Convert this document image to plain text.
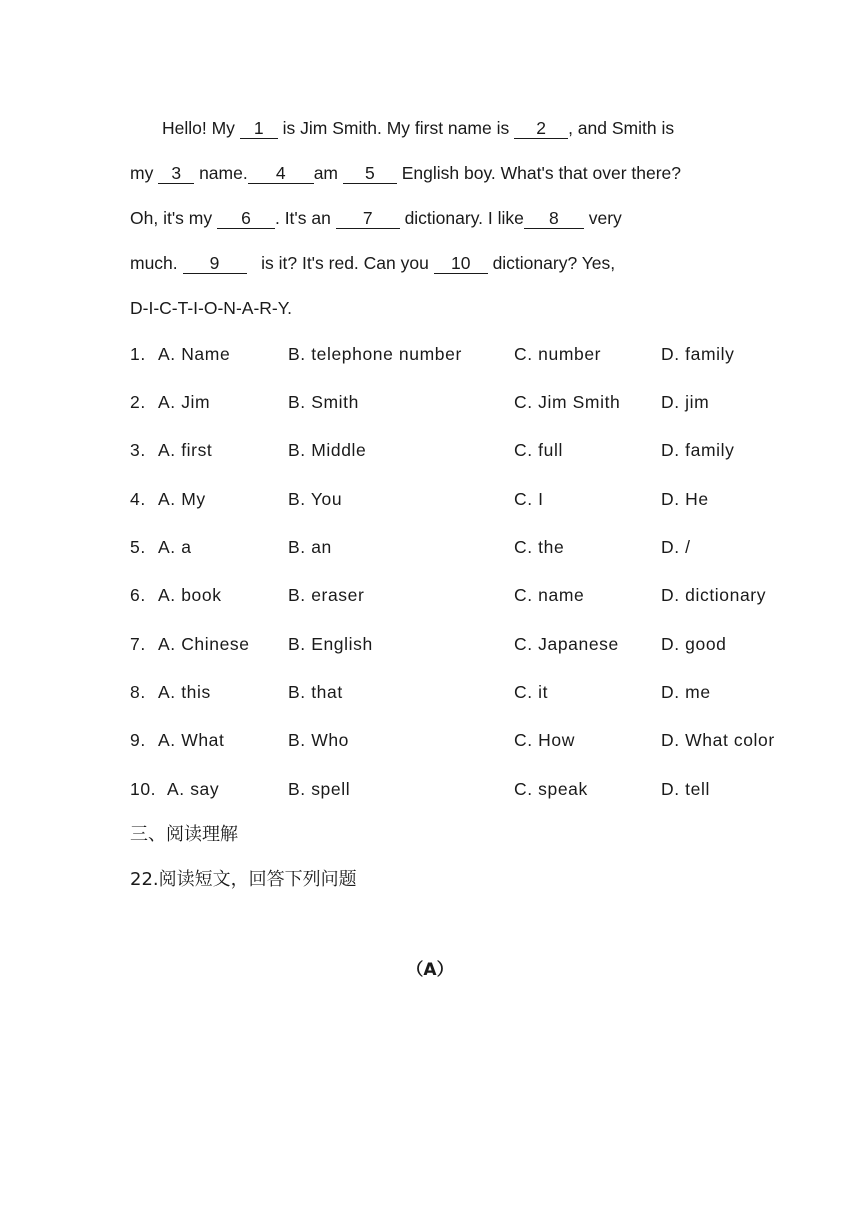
Hello! My 1 is Jim Smith. My first name is 2 , and Smith is
my 3 name. 4 am 5 English boy. What's that over there?
Oh, it's my 6 . It's an 7 dictionary. I like 8 very
much. 9   is it? It's red. Can you 10 dictionary? Yes,
D-I-C-T-I-O-N-A-R-Y.
1. A. Name	B. telephone number	C. number	D. family
2. A. Jim	B. Smith	C. Jim Smith D. jim
3. A. first	B. Middle	C. full	D. family
4. A. My	B. You	C. I	D. He
5. A. a	B. an	C. the	D. /
6. A. book	B. eraser	C. name	D. dictionary
7. A. Chinese B. English	C. Japanese D. good
8. A. this	B. that	C. it	D. me
9. A. What	B. Who	C. How	D. What color
10. A. say	B. spell	C. speak	D. tell
三、阅读理解
22.阅读短文，回答下列问题
（A）
